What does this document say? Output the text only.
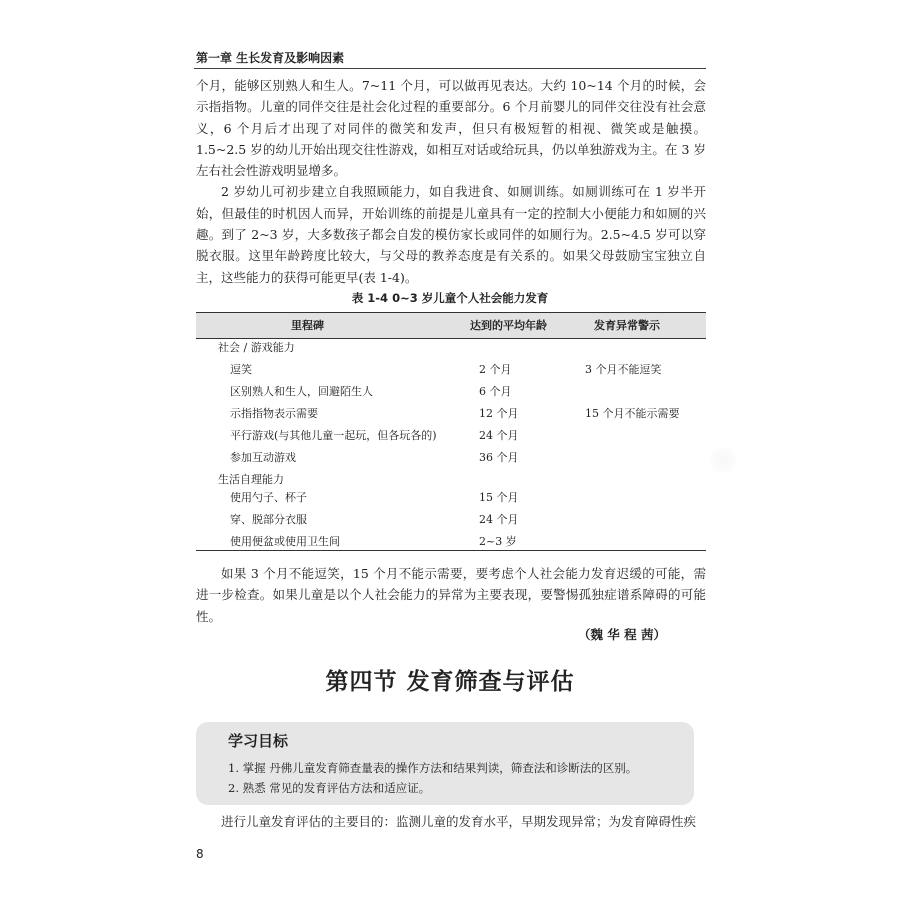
第一章 生长发育及影响因素

个月，能够区别熟人和生人。7~11 个月，可以做再见表达。大约 10~14 个月的时候，会示指指物。儿童的同伴交往是社会化过程的重要部分。6 个月前婴儿的同伴交往没有社会意义，6 个月后才出现了对同伴的微笑和发声，但只有极短暂的相视、微笑或是触摸。1.5~2.5 岁的幼儿开始出现交往性游戏，如相互对话或给玩具，仍以单独游戏为主。在 3 岁左右社会性游戏明显增多。

2 岁幼儿可初步建立自我照顾能力，如自我进食、如厕训练。如厕训练可在 1 岁半开始，但最佳的时机因人而异，开始训练的前提是儿童具有一定的控制大小便能力和如厕的兴趣。到了 2~3 岁，大多数孩子都会自发的模仿家长或同伴的如厕行为。2.5~4.5 岁可以穿脱衣服。这里年龄跨度比较大，与父母的教养态度是有关系的。如果父母鼓励宝宝独立自主，这些能力的获得可能更早(表 1-4)。

表 1-4 0~3 岁儿童个人社会能力发育
里程碑	达到的平均年龄	发育异常警示
社会 / 游戏能力
逗笑	2 个月	3 个月不能逗笑
区别熟人和生人，回避陌生人	6 个月
示指指物表示需要	12 个月	15 个月不能示需要
平行游戏(与其他儿童一起玩，但各玩各的)	24 个月
参加互动游戏	36 个月
生活自理能力
使用勺子、杯子	15 个月
穿、脱部分衣服	24 个月
使用便盆或使用卫生间	2~3 岁

如果 3 个月不能逗笑，15 个月不能示需要，要考虑个人社会能力发育迟缓的可能，需进一步检查。如果儿童是以个人社会能力的异常为主要表现，要警惕孤独症谱系障碍的可能性。

（魏 华 程 茜）
第四节 发育筛查与评估
学习目标
1. 掌握 丹佛儿童发育筛查量表的操作方法和结果判读，筛查法和诊断法的区别。
2. 熟悉 常见的发育评估方法和适应证。

进行儿童发育评估的主要目的：监测儿童的发育水平，早期发现异常；为发育障碍性疾

8
